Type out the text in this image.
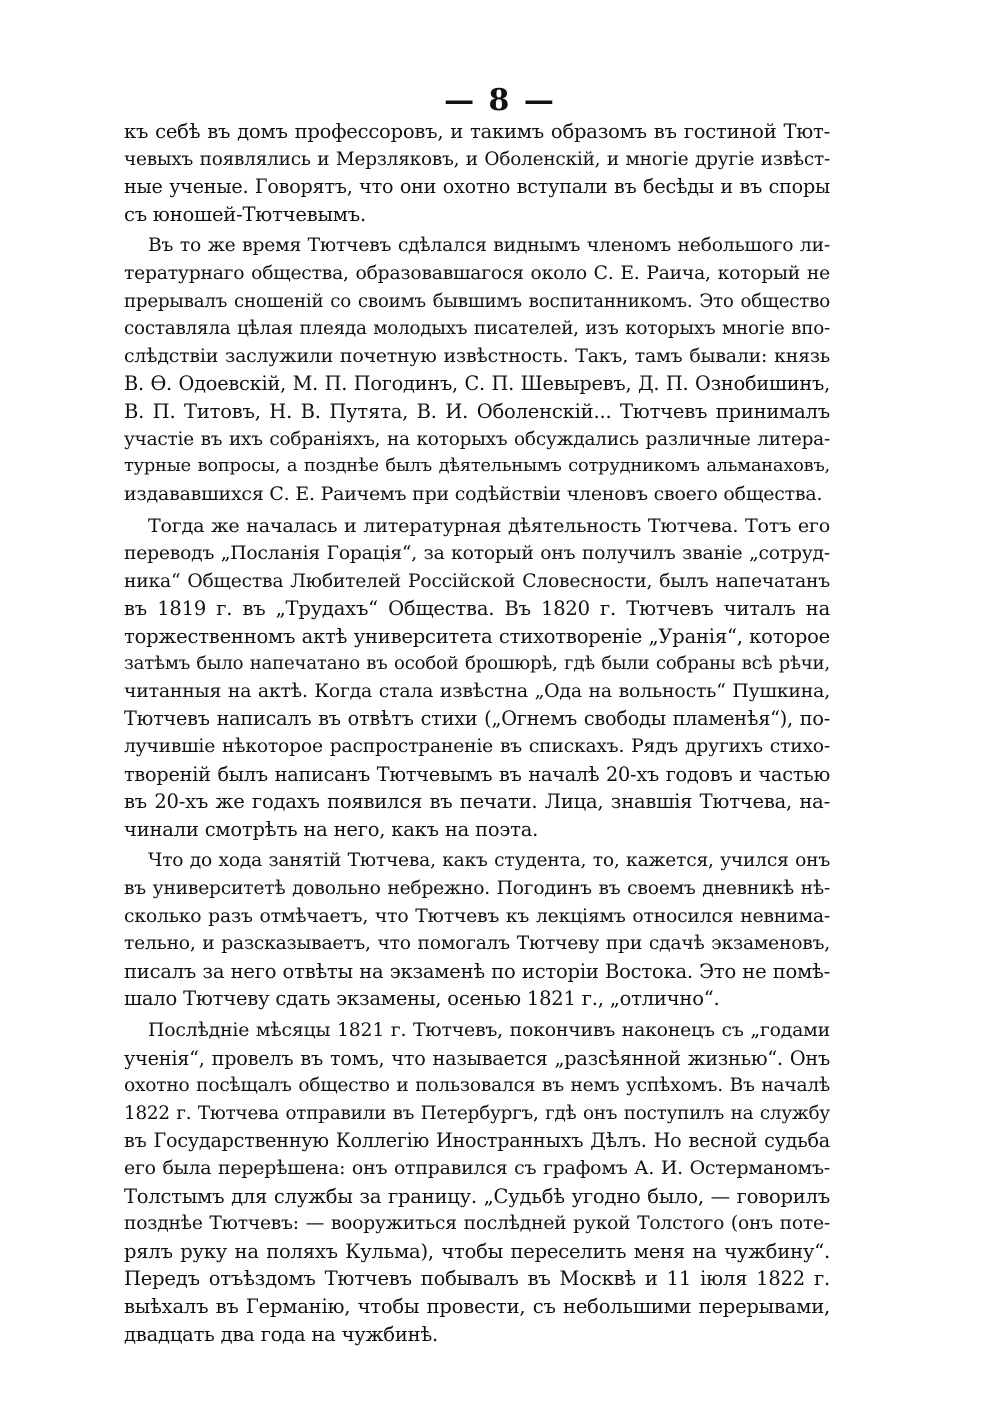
— 8 —
къ себѣ въ домъ профессоровъ, и такимъ образомъ въ гостиной Тют-
чевыхъ появлялись и Мерзляковъ, и Оболенскій, и многіе другіе извѣст-
ные ученые. Говорятъ, что они охотно вступали въ бесѣды и въ споры
съ юношей-Тютчевымъ.
Въ то же время Тютчевъ сдѣлался виднымъ членомъ небольшого ли-
тературнаго общества, образовавшагося около С. Е. Раича, который не
прерывалъ сношеній со своимъ бывшимъ воспитанникомъ. Это общество
составляла цѣлая плеяда молодыхъ писателей, изъ которыхъ многіе впо-
слѣдствіи заслужили почетную извѣстность. Такъ, тамъ бывали: князь
В. Ѳ. Одоевскій, М. П. Погодинъ, С. П. Шевыревъ, Д. П. Ознобишинъ,
В. П. Титовъ, Н. В. Путята, В. И. Оболенскій... Тютчевъ принималъ
участіе въ ихъ собраніяхъ, на которыхъ обсуждались различные литера-
турные вопросы, а позднѣе былъ дѣятельнымъ сотрудникомъ альманаховъ,
издававшихся С. Е. Раичемъ при содѣйствіи членовъ своего общества.
Тогда же началась и литературная дѣятельность Тютчева. Тотъ его
переводъ „Посланія Горація“, за который онъ получилъ званіе „сотруд-
ника“ Общества Любителей Россійской Словесности, былъ напечатанъ
въ 1819 г. въ „Трудахъ“ Общества. Въ 1820 г. Тютчевъ читалъ на
торжественномъ актѣ университета стихотвореніе „Уранія“, которое
затѣмъ было напечатано въ особой брошюрѣ, гдѣ были собраны всѣ рѣчи,
читанныя на актѣ. Когда стала извѣстна „Ода на вольность“ Пушкина,
Тютчевъ написалъ въ отвѣтъ стихи („Огнемъ свободы пламенѣя“), по-
лучившіе нѣкоторое распространеніе въ спискахъ. Рядъ другихъ стихо-
твореній былъ написанъ Тютчевымъ въ началѣ 20-хъ годовъ и частью
въ 20-хъ же годахъ появился въ печати. Лица, знавшія Тютчева, на-
чинали смотрѣть на него, какъ на поэта.
Что до хода занятій Тютчева, какъ студента, то, кажется, учился онъ
въ университетѣ довольно небрежно. Погодинъ въ своемъ дневникѣ нѣ-
сколько разъ отмѣчаетъ, что Тютчевъ къ лекціямъ относился невнима-
тельно, и разсказываетъ, что помогалъ Тютчеву при сдачѣ экзаменовъ,
писалъ за него отвѣты на экзаменѣ по исторіи Востока. Это не помѣ-
шало Тютчеву сдать экзамены, осенью 1821 г., „отлично“.
Послѣдніе мѣсяцы 1821 г. Тютчевъ, покончивъ наконецъ съ „годами
ученія“, провелъ въ томъ, что называется „разсѣянной жизнью“. Онъ
охотно посѣщалъ общество и пользовался въ немъ успѣхомъ. Въ началѣ
1822 г. Тютчева отправили въ Петербургъ, гдѣ онъ поступилъ на службу
въ Государственную Коллегію Иностранныхъ Дѣлъ. Но весной судьба
его была перерѣшена: онъ отправился съ графомъ А. И. Остерманомъ-
Толстымъ для службы за границу. „Судьбѣ угодно было, — говорилъ
позднѣе Тютчевъ: — вооружиться послѣдней рукой Толстого (онъ поте-
рялъ руку на поляхъ Кульма), чтобы переселить меня на чужбину“.
Передъ отъѣздомъ Тютчевъ побывалъ въ Москвѣ и 11 іюля 1822 г.
выѣхалъ въ Германію, чтобы провести, съ небольшими перерывами,
двадцать два года на чужбинѣ.
